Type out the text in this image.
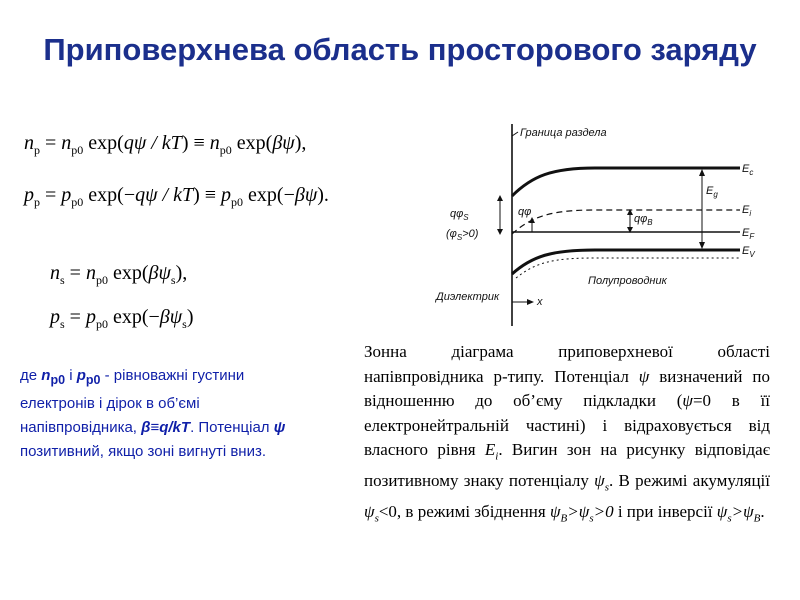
Приповерхнева область просторового заряду
$n_p = n_{p0}$ $\exp(q\psi / kT) \equiv n_{p0}$ exp(βψ),
$p_p = p_{p0}$ $\exp(-q\psi / kT) \equiv p_{p0}$ exp(−βψ).
$n_s = n_{p0}$ $\exp(\beta\psi_s)$,
$p_s = p_{p0}$ $\exp(-\beta\psi_s)$
де $n_{p0}$ і $p_{p0}$ - рівноважні густини електронів і дірок в об’ємі напівпровідника, β≡q/kT. Потенціал ψ позитивний, якщо зоні вигнуті вниз.
Граница раздела
$E_c$
$E_i$
$E_F$
$E_V$
$E_g$
$q\varphi_S$
$(\varphi_S>0)$
qφ
$q\varphi_B$
Полупроводник
Диэлектрик	x
Зонна діаграма приповерхневої області напівпровідника p-типу. Потенціал ψ визначений по відношенню до об’єму підкладки (ψ=0 в її електронейтральній частині) і відраховується від власного рівня $E_i$. Вигин зон на рисунку відповідає позитивному знаку потенціалу $\psi_s$. В режимі акумуляції $\psi_s<0$, в режимі збіднення $\psi_B>\psi_s>0$ і при інверсії $\psi_s>\psi_B$.
